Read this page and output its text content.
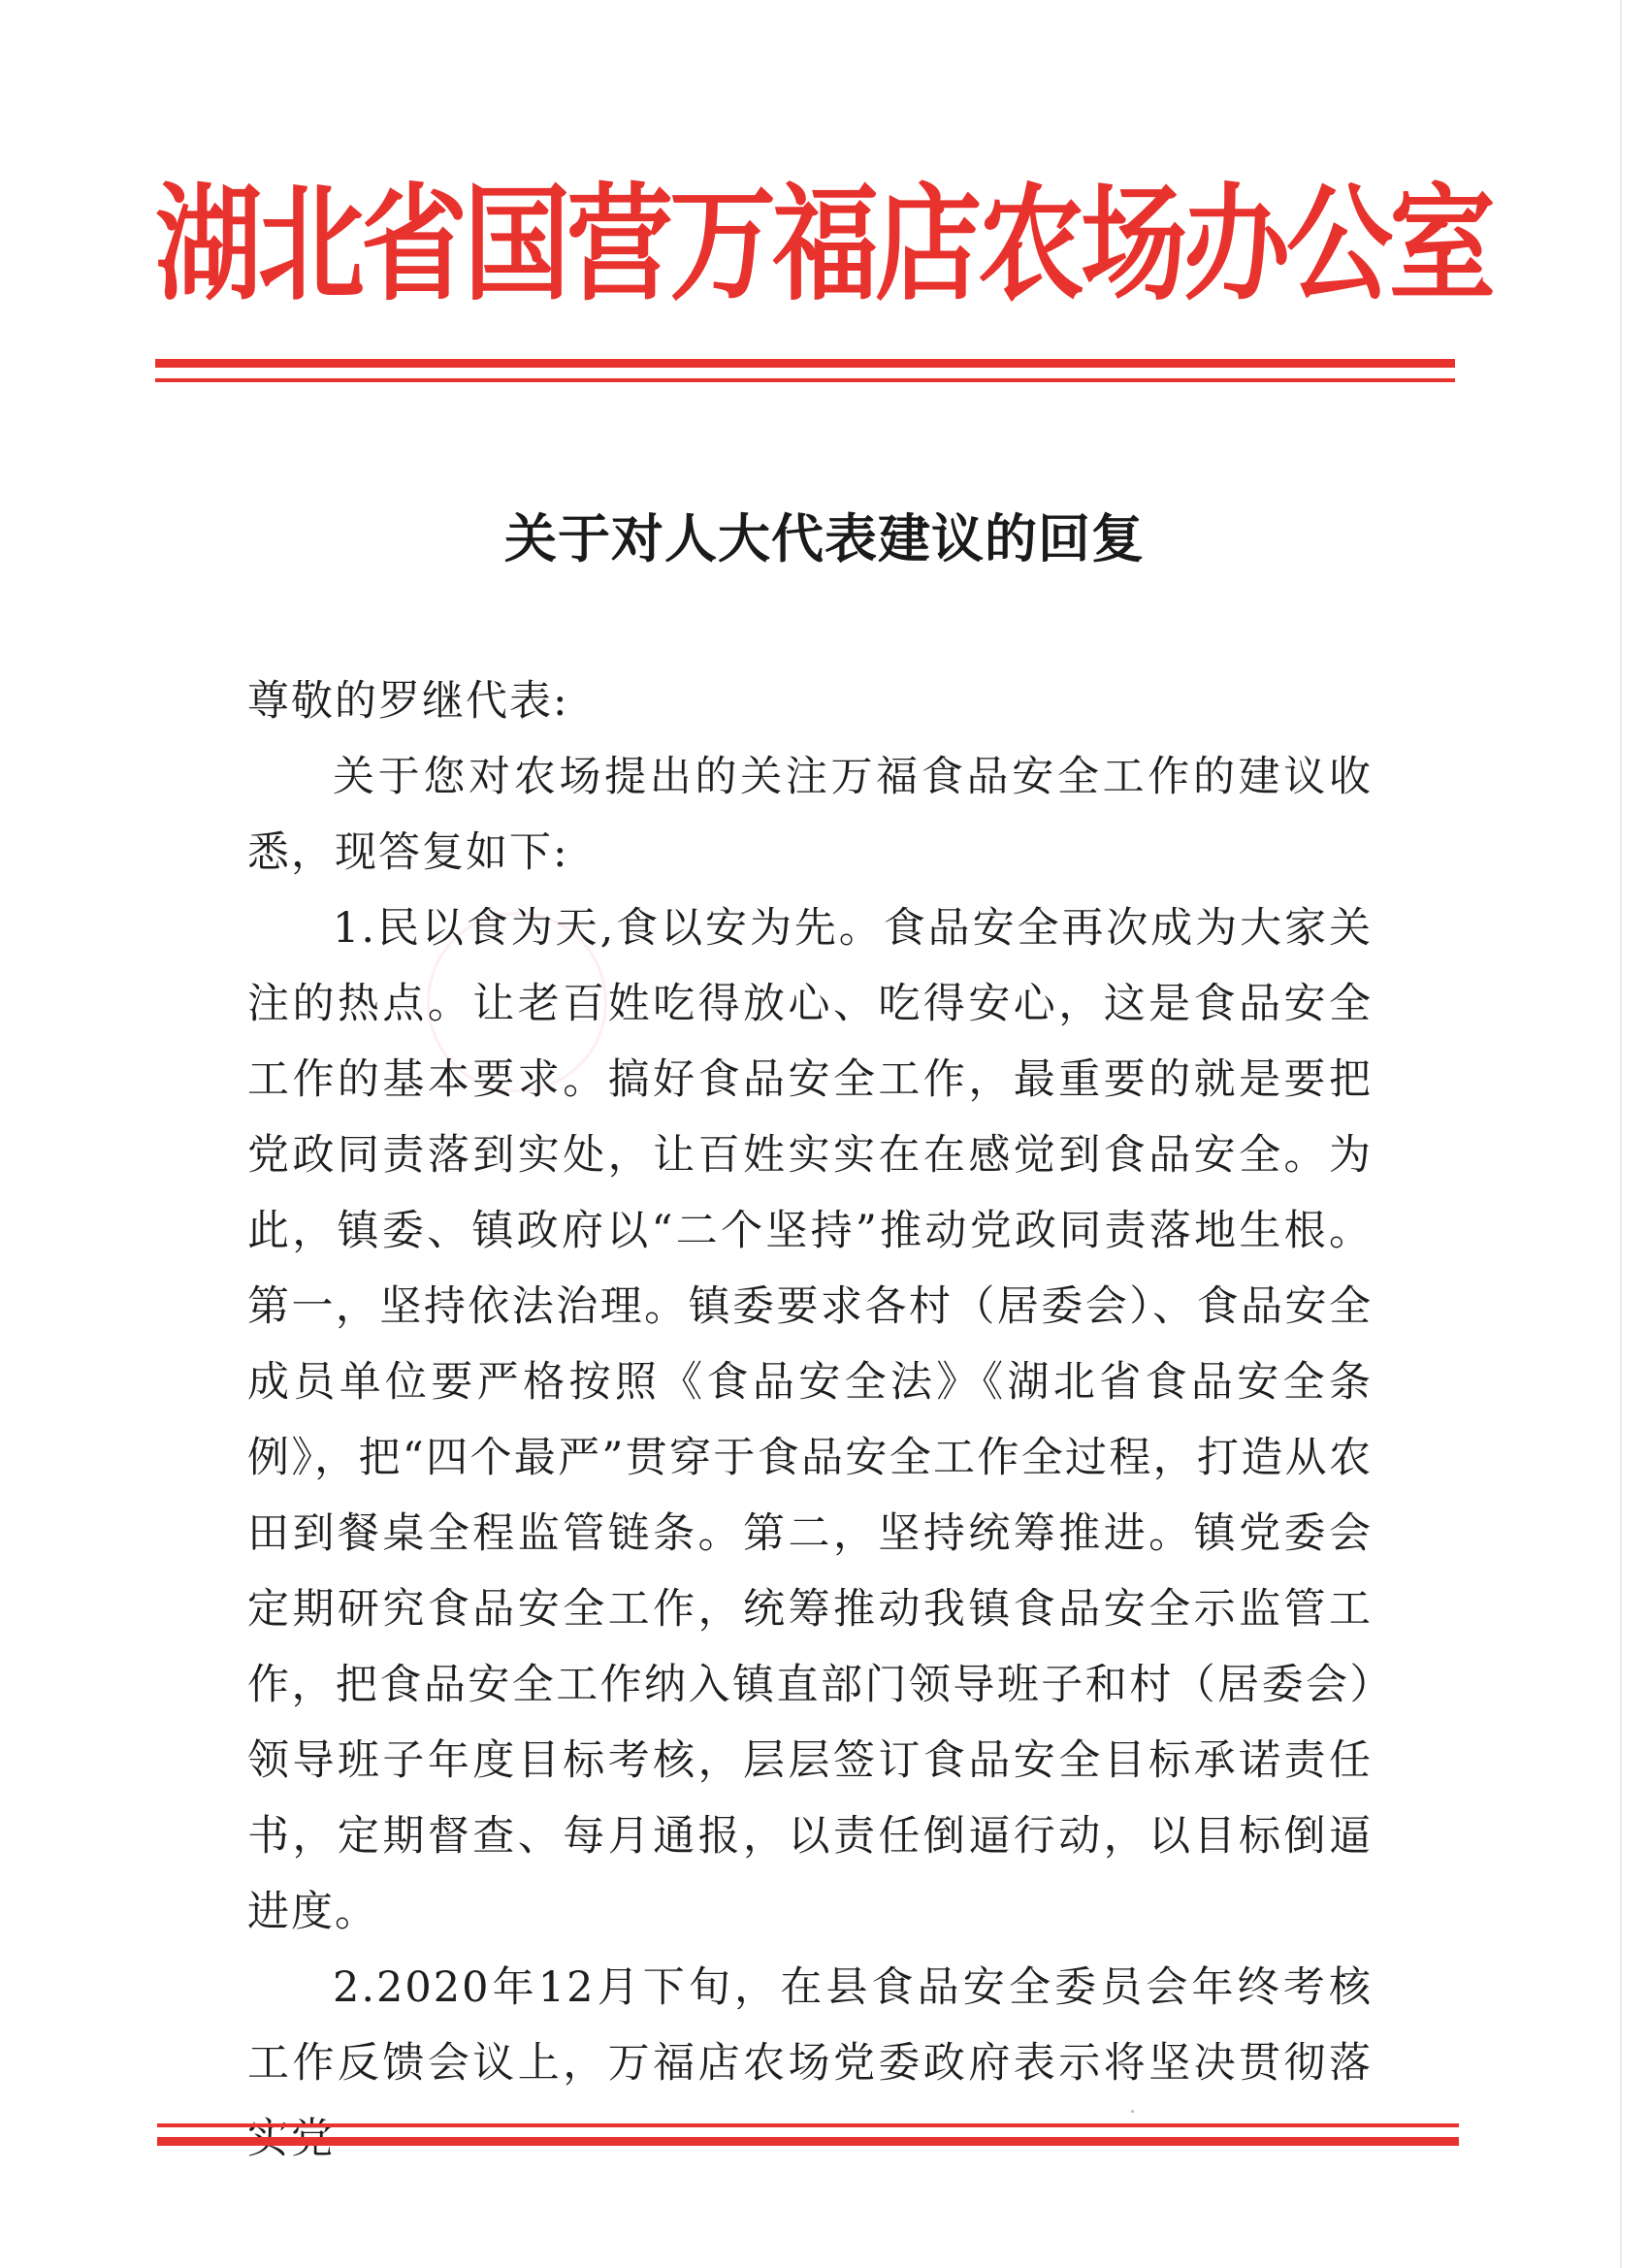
湖北省国营万福店农场办公室
关于对人大代表建议的回复

尊敬的罗继代表:

关于您对农场提出的关注万福食品安全工作的建议收悉，现答复如下:

1.民以食为天,食以安为先。食品安全再次成为大家关注的热点。让老百姓吃得放心、吃得安心，这是食品安全工作的基本要求。搞好食品安全工作，最重要的就是要把党政同责落到实处，让百姓实实在在感觉到食品安全。为此，镇委、镇政府以“二个坚持”推动党政同责落地生根。第一，坚持依法治理。镇委要求各村（居委会）、食品安全成员单位要严格按照《食品安全法》《湖北省食品安全条例》，把“四个最严”贯穿于食品安全工作全过程，打造从农田到餐桌全程监管链条。第二，坚持统筹推进。镇党委会定期研究食品安全工作，统筹推动我镇食品安全示监管工作，把食品安全工作纳入镇直部门领导班子和村（居委会）领导班子年度目标考核，层层签订食品安全目标承诺责任书，定期督查、每月通报，以责任倒逼行动，以目标倒逼进度。

2.2020年12月下旬，在县食品安全委员会年终考核工作反馈会议上，万福店农场党委政府表示将坚决贯彻落
